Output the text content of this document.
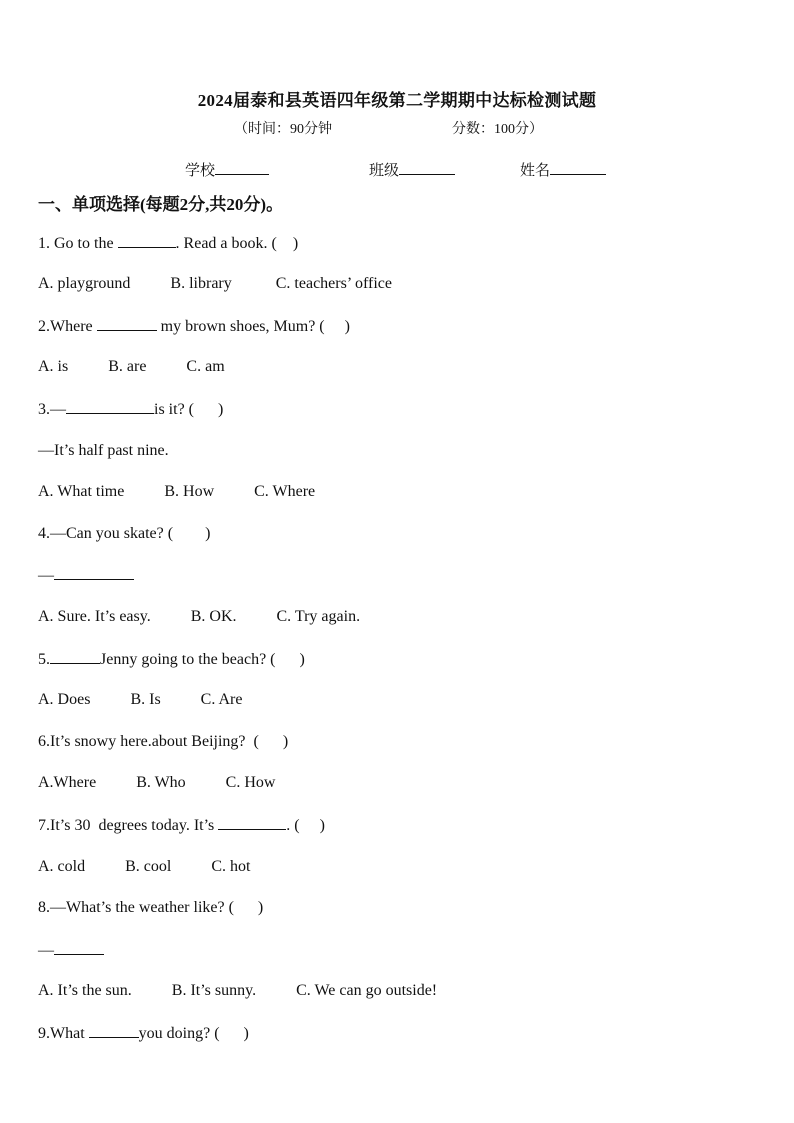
2024届泰和县英语四年级第二学期期中达标检测试题
（时间：90分钟	分数：100分）
学校	班级	姓名
一、单项选择(每题2分,共20分)。
1. Go to the	. Read a book. (    )
A. playground          B. library           C. teachers’ office
2.Where	my brown shoes, Mum? (     )
A. is          B. are          C. am
3.—	is it? (      )
—It’s half past nine.
A. What time          B. How          C. Where
4.—Can you skate? (        )
—
A. Sure. It’s easy.          B. OK.          C. Try again.
5.	Jenny going to the beach? (      )
A. Does          B. Is          C. Are
6.It’s snowy here.about Beijing?  (      )
A.Where          B. Who          C. How
7.It’s 30  degrees today. It’s	. (     )
A. cold          B. cool          C. hot
8.—What’s the weather like? (      )
—
A. It’s the sun.          B. It’s sunny.          C. We can go outside!
9.What	you doing? (      )
